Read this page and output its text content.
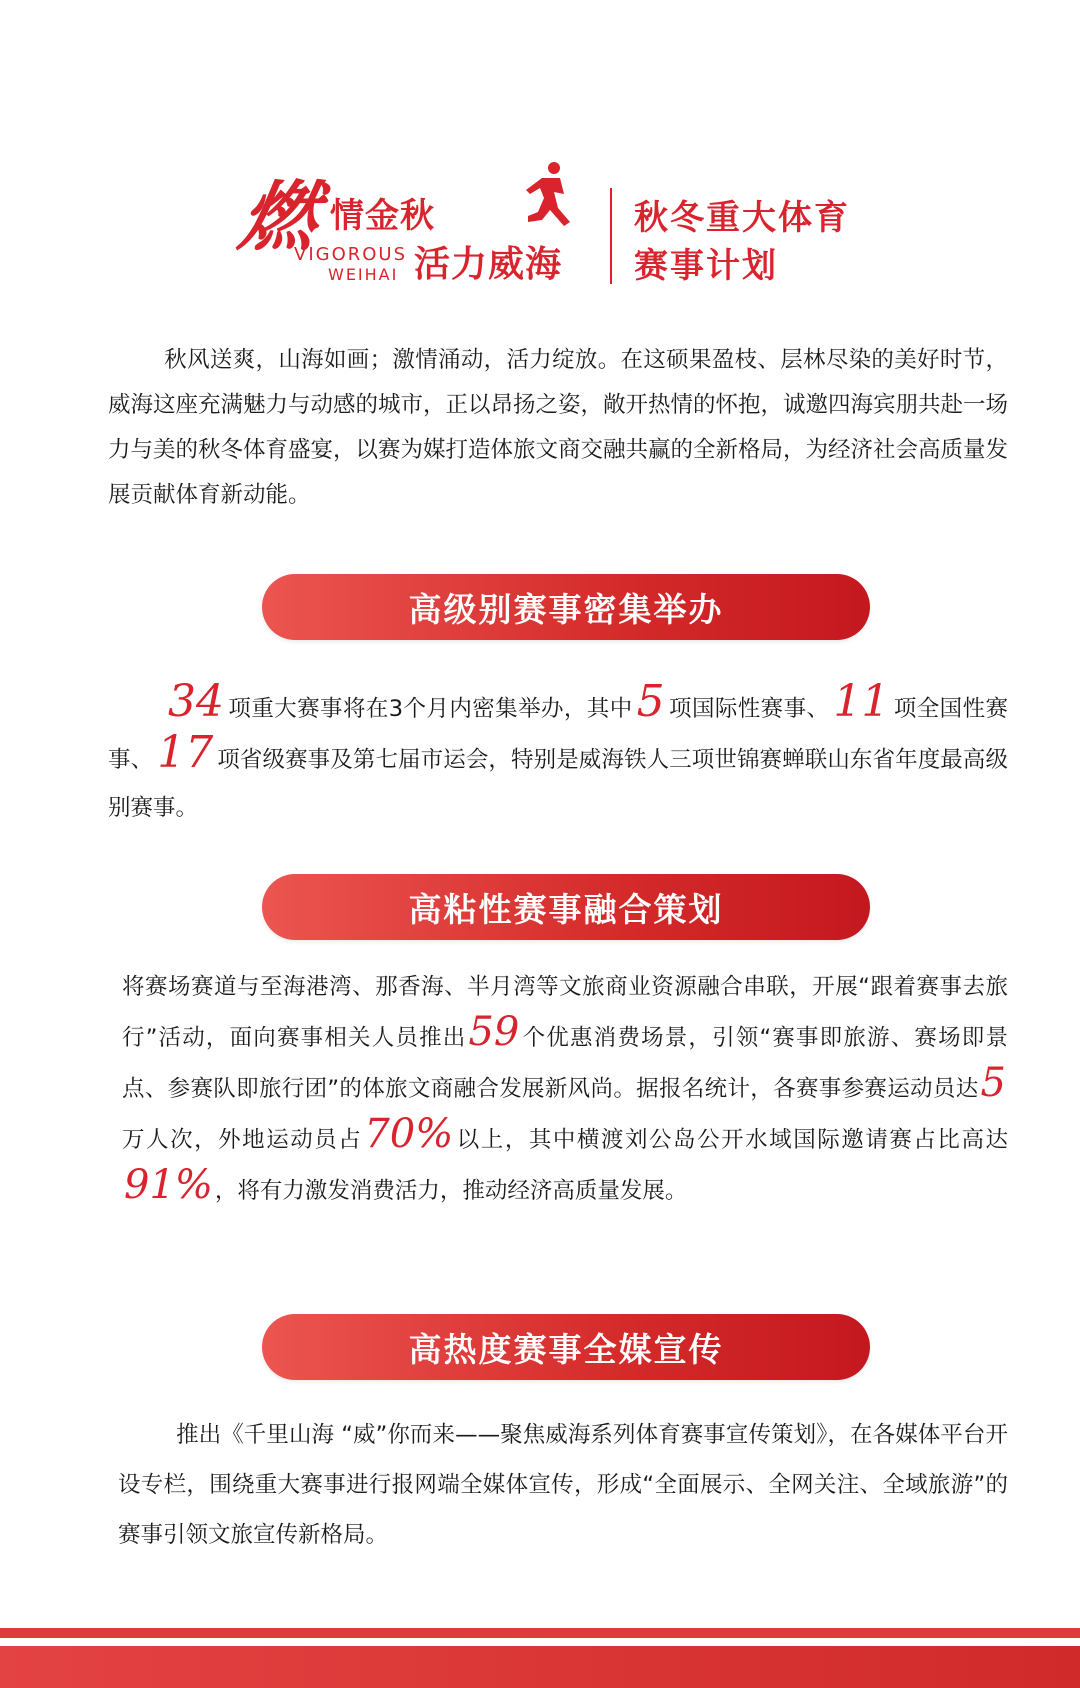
燃 情金秋
VIGOROUS
WEIHAI 活力威海
秋冬重大体育
赛事计划

秋风送爽，山海如画；激情涌动，活力绽放。在这硕果盈枝、层林尽染的美好时节，威海这座充满魅力与动感的城市，正以昂扬之姿，敞开热情的怀抱，诚邀四海宾朋共赴一场力与美的秋冬体育盛宴，以赛为媒打造体旅文商交融共赢的全新格局，为经济社会高质量发展贡献体育新动能。

高级别赛事密集举办

34 项重大赛事将在3个月内密集举办，其中5 项国际性赛事、11 项全国性赛事、17 项省级赛事及第七届市运会，特别是威海铁人三项世锦赛蝉联山东省年度最高级别赛事。

高粘性赛事融合策划

将赛场赛道与至海港湾、那香海、半月湾等文旅商业资源融合串联，开展“跟着赛事去旅行”活动，面向赛事相关人员推出59个优惠消费场景，引领“赛事即旅游、赛场即景点、参赛队即旅行团”的体旅文商融合发展新风尚。据报名统计，各赛事参赛运动员达5万人次，外地运动员占70%以上，其中横渡刘公岛公开水域国际邀请赛占比高达91%，将有力激发消费活力，推动经济高质量发展。

高热度赛事全媒宣传

推出《千里山海 “威”你而来——聚焦威海系列体育赛事宣传策划》，在各媒体平台开设专栏，围绕重大赛事进行报网端全媒体宣传，形成“全面展示、全网关注、全域旅游”的赛事引领文旅宣传新格局。
